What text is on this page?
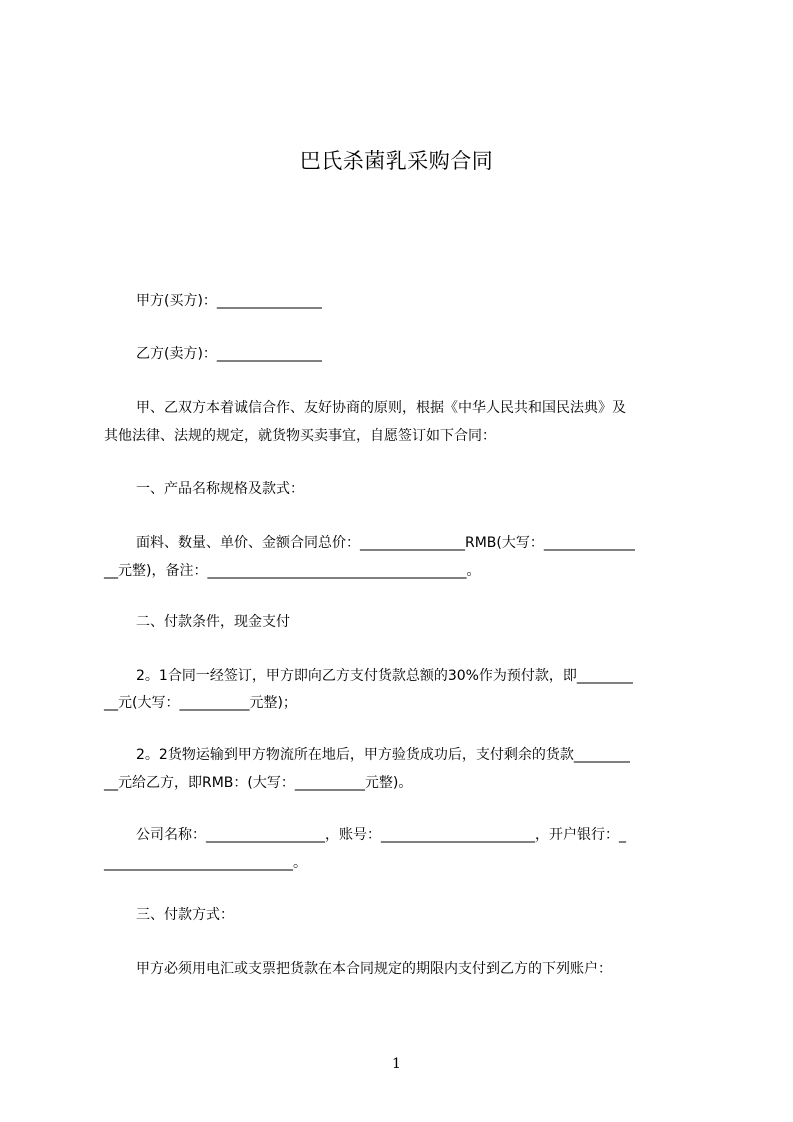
巴氏杀菌乳采购合同
甲方(买方)：_______________
乙方(卖方)：_______________
甲、乙双方本着诚信合作、友好协商的原则，根据《中华人民共和国民法典》及
其他法律、法规的规定，就货物买卖事宜，自愿签订如下合同：
一、产品名称规格及款式：
面料、数量、单价、金额合同总价：_______________RMB(大写：_____________
__元整)，备注：_____________________________________。
二、付款条件，现金支付
2。1合同一经签订，甲方即向乙方支付货款总额的30%作为预付款，即________
__元(大写：__________元整)；
2。2货物运输到甲方物流所在地后，甲方验货成功后，支付剩余的货款________
__元给乙方，即RMB：(大写：__________元整)。
公司名称：_________________，账号：______________________，开户银行：_
___________________________。
三、付款方式：
甲方必须用电汇或支票把货款在本合同规定的期限内支付到乙方的下列账户：
1
